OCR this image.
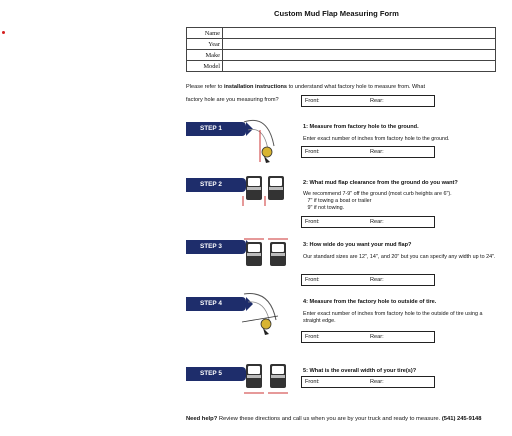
Custom Mud Flap Measuring Form
Name	
Year	
Make	
Model	
Please refer to installation instructions to understand what factory hole to measure from. What
factory hole are you measuring from?	Front:	Rear:
STEP 1	1: Measure from factory hole to the ground.
Enter exact number of inches from factory hole to the ground.
Front:	Rear:
STEP 2	2: What mud flap clearance from the ground do you want?
We recommend 7-9" off the ground (most curb heights are 6").
7" if towing a boat or trailer
9" if not towing.
Front:	Rear:
STEP 3	3: How wide do you want your mud flap?
Our standard sizes are 12", 14", and 20" but you can specify any width up to 24".
Front:	Rear:
STEP 4	4: Measure from the factory hole to outside of tire.
Enter exact number of inches from factory hole to the outside of tire using a straight edge.
Front:	Rear:
STEP 5	5: What is the overall width of your tire(s)?
Front:	Rear:
Need help? Review these directions and call us when you are by your truck and ready to measure. (541) 245-9148
